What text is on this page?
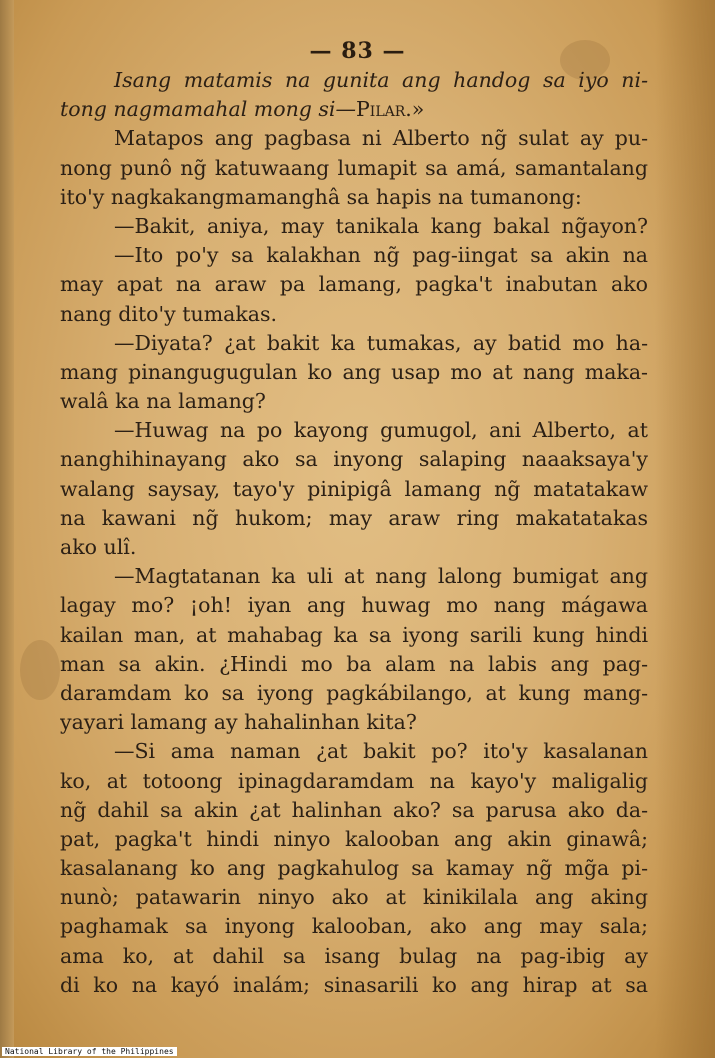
— 83 —
Isang matamis na gunita ang handog sa iyo ni-
tong nagmamahal mong si—Pilar.»
Matapos ang pagbasa ni Alberto ng̃ sulat ay pu-
nong punô ng̃ katuwaang lumapit sa amá, samantalang
ito'y nagkakangmamanghâ sa hapis na tumanong:
—Bakit, aniya, may tanikala kang bakal ng̃ayon?
—Ito po'y sa kalakhan ng̃ pag-iingat sa akin na
may apat na araw pa lamang, pagka't inabutan ako
nang dito'y tumakas.
—Diyata? ¿at bakit ka tumakas, ay batid mo ha-
mang pinangugugulan ko ang usap mo at nang maka-
walâ ka na lamang?
—Huwag na po kayong gumugol, ani Alberto, at
nanghihinayang ako sa inyong salaping naaaksaya'y
walang saysay, tayo'y pinipigâ lamang ng̃ matatakaw
na kawani ng̃ hukom; may araw ring makatatakas
ako ulî.
—Magtatanan ka uli at nang lalong bumigat ang
lagay mo? ¡oh! iyan ang huwag mo nang mágawa
kailan man, at mahabag ka sa iyong sarili kung hindi
man sa akin. ¿Hindi mo ba alam na labis ang pag-
daramdam ko sa iyong pagkábilango, at kung mang-
yayari lamang ay hahalinhan kita?
—Si ama naman ¿at bakit po? ito'y kasalanan
ko, at totoong ipinagdaramdam na kayo'y maligalig
ng̃ dahil sa akin ¿at halinhan ako? sa parusa ako da-
pat, pagka't hindi ninyo kalooban ang akin ginawâ;
kasalanang ko ang pagkahulog sa kamay ng̃ mg̃a pi-
nunò; patawarin ninyo ako at kinikilala ang aking
paghamak sa inyong kalooban, ako ang may sala;
ama ko, at dahil sa isang bulag na pag-ibig ay
di ko na kayó inalám; sinasarili ko ang hirap at sa
National Library of the Philippines
